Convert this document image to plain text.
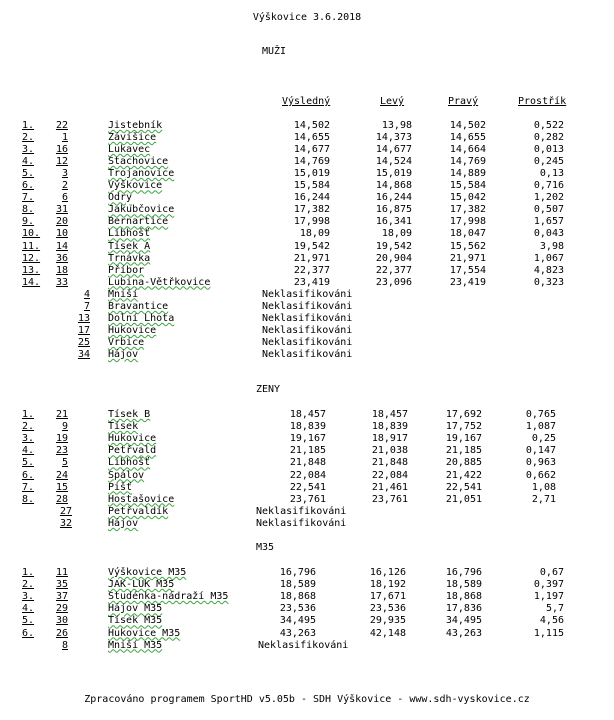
Výškovice 3.6.2018
MUŽI
Výsledný	Levý	Pravý	Prostřík
ZENY
M35
1.	22	Jistebník	14,502	13,98	14,502	0,522
2.	1	Závišice	14,655	14,373	14,655	0,282
3.	16	Lukavec	14,677	14,677	14,664	0,013
4.	12	Stachovice	14,769	14,524	14,769	0,245
5.	3	Trojanovice	15,019	15,019	14,889	0,13
6.	2	Výškovice	15,584	14,868	15,584	0,716
7.	6	Odry	16,244	16,244	15,042	1,202
8.	31	Jakubčovice	17,382	16,875	17,382	0,507
9.	20	Bernartice	17,998	16,341	17,998	1,657
10.	10	Libhošť	18,09	18,09	18,047	0,043
11.	14	Tísek A	19,542	19,542	15,562	3,98
12.	36	Trnávka	21,971	20,904	21,971	1,067
13.	18	Příbor	22,377	22,377	17,554	4,823
14.	33	Lubina-Větřkovice	23,419	23,096	23,419	0,323
4 Mniší	Neklasifikováni
7 Bravantice	Neklasifikováni
13 Dolní Lhota	Neklasifikováni
17 Hukovice	Neklasifikováni
25 Vrbice	Neklasifikováni
34 Hájov	Neklasifikováni
1.	21	Tísek B	18,457	18,457	17,692	0,765
2.	9	Tísek	18,839	18,839	17,752	1,087
3.	19	Hukovice	19,167	18,917	19,167	0,25
4.	23	Petřvald	21,185	21,038	21,185	0,147
5.	5	Libhošť	21,848	21,848	20,885	0,963
6.	24	Spálov	22,084	22,084	21,422	0,662
7.	15	Pišť	22,541	21,461	22,541	1,08
8.	28	Hostašovice	23,761	23,761	21,051	2,71
27	Petřvaldík	Neklasifikováni
32	Hájov	Neklasifikováni
1.	11	Výškovice M35	16,796	16,126	16,796	0,67
2.	35	JAK-LUK M35	18,589	18,192	18,589	0,397
3.	37	Studénka-nádraží M35	18,868	17,671	18,868	1,197
4.	29	Hájov M35	23,536	23,536	17,836	5,7
5.	30	Tísek M35	34,495	29,935	34,495	4,56
6.	26	Hukovice M35	43,263	42,148	43,263	1,115
8	Mniší M35	Neklasifikováni
Zpracováno programem SportHD v5.05b - SDH Výškovice - www.sdh-vyskovice.cz
